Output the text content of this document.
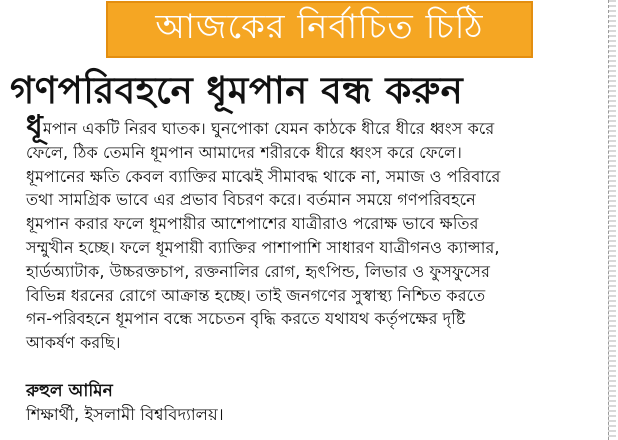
আজকের নির্বাচিত চিঠি
গণপরিবহনে ধূমপান বন্ধ করুন
ধূমপান একটি নিরব ঘাতক। ঘুনপোকা যেমন কাঠকে ধীরে ধীরে ধ্বংস করে
ফেলে, ঠিক তেমনি ধূমপান আমাদের শরীরকে ধীরে ধ্বংস করে ফেলে।
ধূমপানের ক্ষতি কেবল ব্যাক্তির মাঝেই সীমাবদ্ধ থাকে না, সমাজ ও পরিবারে
তথা সামগ্রিক ভাবে এর প্রভাব বিচরণ করে। বর্তমান সময়ে গণপরিবহনে
ধূমপান করার ফলে ধূমপায়ীর আশেপাশের যাত্রীরাও পরোক্ষ ভাবে ক্ষতির
সম্মুখীন হচ্ছে। ফলে ধূমপায়ী ব্যাক্তির পাশাপাশি সাধারণ যাত্রীগনও ক্যান্সার,
হার্ডঅ্যাটাক, উচ্চরক্তচাপ, রক্তনালির রোগ, হৃৎপিন্ড, লিভার ও ফুসফুসের
বিভিন্ন ধরনের রোগে আক্রান্ত হচ্ছে। তাই জনগণের সুস্বাস্থ্য নিশ্চিত করতে
গন-পরিবহনে ধূমপান বন্ধে সচেতন বৃদ্ধি করতে যথাযথ কর্তৃপক্ষের দৃষ্টি
আকর্ষণ করছি।
রুহুল আমিন
শিক্ষার্থী, ইসলামী বিশ্ববিদ্যালয়।
